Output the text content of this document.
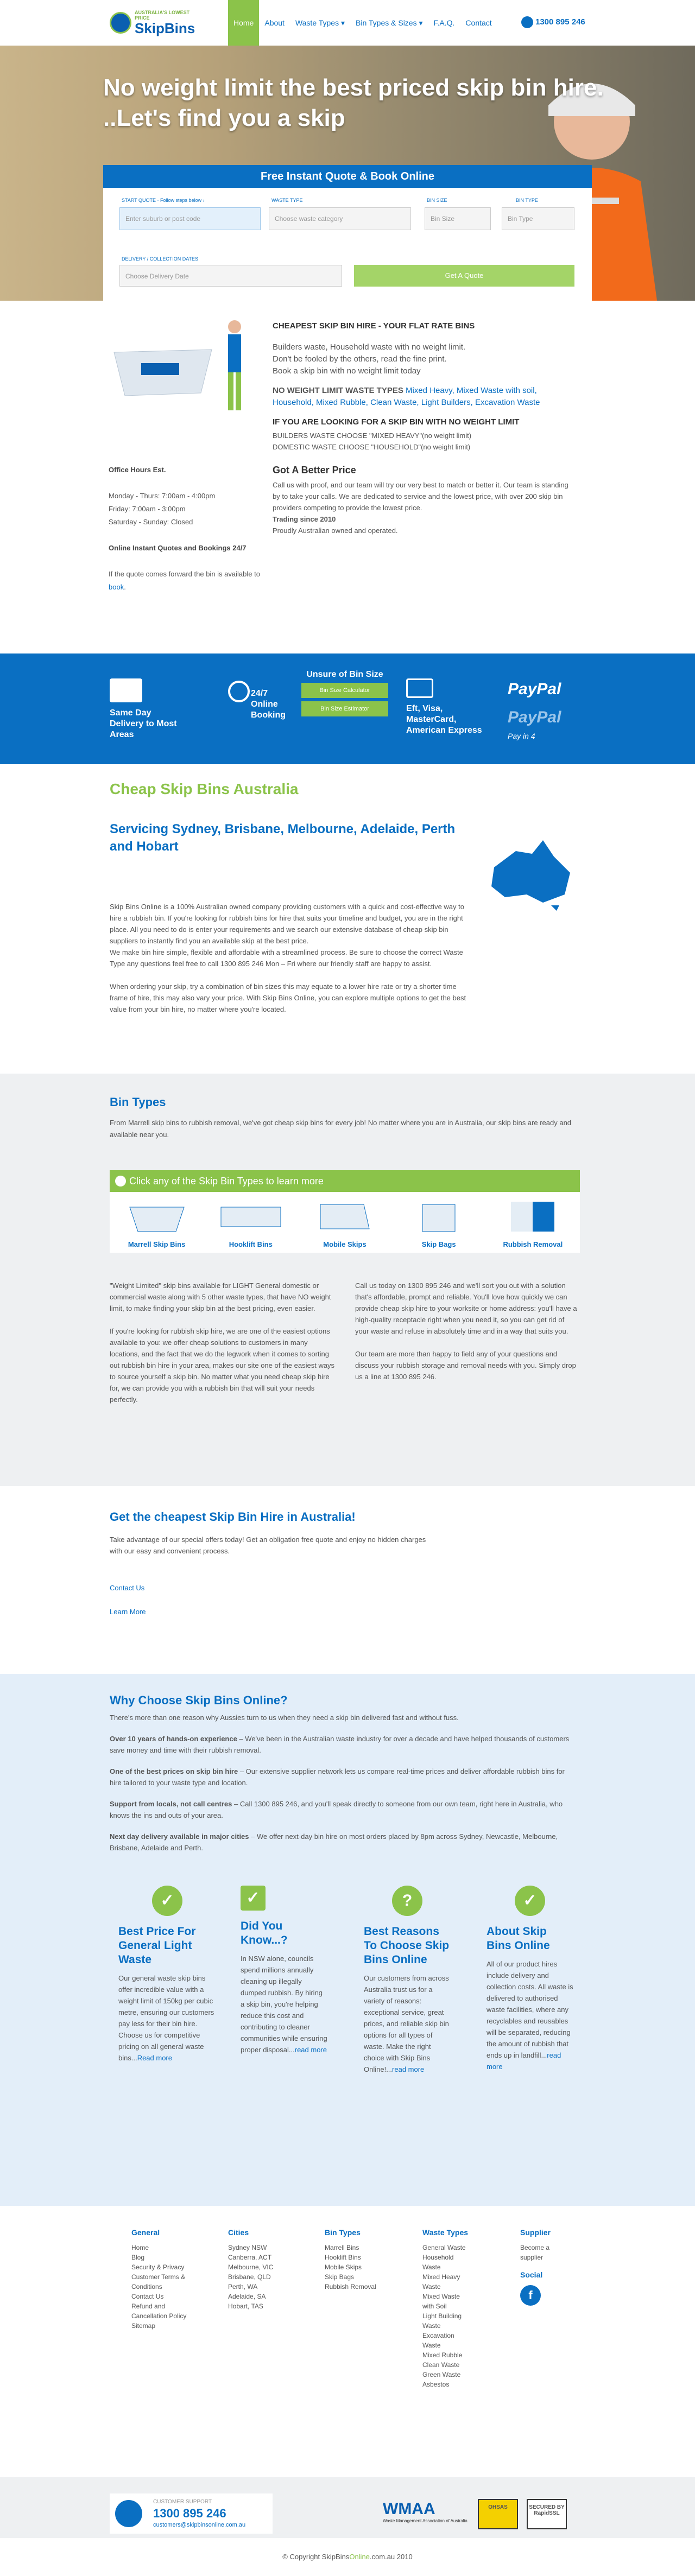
AUSTRALIA'S LOWEST PRICE
SkipBins	Home	About	Waste Types ▾	Bin Types & Sizes ▾	F.A.Q.	Contact	1300 895 246
No weight limit the best priced skip bin hire. ..Let's find you a skip
Free Instant Quote & Book Online
START QUOTE · Follow steps below ›
Enter suburb or post code
WASTE TYPE
Choose waste category
BIN SIZE
Bin Size
BIN TYPE
Bin Type
DELIVERY / COLLECTION DATES
Choose Delivery Date	Get A Quote
Office Hours Est.

Monday - Thurs: 7:00am - 4:00pm
Friday: 7:00am - 3:00pm
Saturday - Sunday: Closed

Online Instant Quotes and Bookings 24/7

If the quote comes forward the bin is available to book.
CHEAPEST SKIP BIN HIRE - YOUR FLAT RATE BINS
Builders waste, Household waste with no weight limit.
Don't be fooled by the others, read the fine print.
Book a skip bin with no weight limit today
NO WEIGHT LIMIT WASTE TYPES Mixed Heavy, Mixed Waste with soil, Household, Mixed Rubble, Clean Waste, Light Builders, Excavation Waste
IF YOU ARE LOOKING FOR A SKIP BIN WITH NO WEIGHT LIMIT

BUILDERS WASTE CHOOSE "MIXED HEAVY"(no weight limit)

DOMESTIC WASTE CHOOSE "HOUSEHOLD"(no weight limit)

Got A Better Price

Call us with proof, and our team will try our very best to match or better it. Our team is standing by to take your calls. We are dedicated to service and the lowest price, with over 200 skip bin providers competing to provide the lowest price.

Trading since 2010

Proudly Australian owned and operated.

Same Day Delivery to Most Areas
24/7 Online Booking
Unsure of Bin Size
Bin Size Calculator
Bin Size Estimator	Eft, Visa, MasterCard, American Express
PayPal
PayPal
Pay in 4
Cheap Skip Bins Australia
Servicing Sydney, Brisbane, Melbourne, Adelaide, Perth and Hobart

Skip Bins Online is a 100% Australian owned company providing customers with a quick and cost-effective way to hire a rubbish bin. If you're looking for rubbish bins for hire that suits your timeline and budget, you are in the right place. All you need to do is enter your requirements and we search our extensive database of cheap skip bin suppliers to instantly find you an available skip at the best price.

We make bin hire simple, flexible and affordable with a streamlined process. Be sure to choose the correct Waste Type any questions feel free to call 1300 895 246 Mon – Fri where our friendly staff are happy to assist.

When ordering your skip, try a combination of bin sizes this may equate to a lower hire rate or try a shorter time frame of hire, this may also vary your price. With Skip Bins Online, you can explore multiple options to get the best value from your bin hire, no matter where you're located.

Bin Types
From Marrell skip bins to rubbish removal, we've got cheap skip bins for every job! No matter where you are in Australia, our skip bins are ready and available near you.
Click any of the Skip Bin Types to learn more
Marrell Skip Bins	Hooklift Bins	Mobile Skips	Skip Bags	Rubbish Removal

"Weight Limited" skip bins available for LIGHT General domestic or commercial waste along with 5 other waste types, that have NO weight limit, to make finding your skip bin at the best pricing, even easier.

If you're looking for rubbish skip hire, we are one of the easiest options available to you: we offer cheap solutions to customers in many locations, and the fact that we do the legwork when it comes to sorting out rubbish bin hire in your area, makes our site one of the easiest ways to source yourself a skip bin. No matter what you need cheap skip hire for, we can provide you with a rubbish bin that will suit your needs perfectly.

Call us today on 1300 895 246 and we'll sort you out with a solution that's affordable, prompt and reliable. You'll love how quickly we can provide cheap skip hire to your worksite or home address: you'll have a high-quality receptacle right when you need it, so you can get rid of your waste and refuse in absolutely time and in a way that suits you.

Our team are more than happy to field any of your questions and discuss your rubbish storage and removal needs with you. Simply drop us a line at 1300 895 246.

Get the cheapest Skip Bin Hire in Australia!

Take advantage of our special offers today! Get an obligation free quote and enjoy no hidden charges with our easy and convenient process.

Contact Us
Learn More
Why Choose Skip Bins Online?

There's more than one reason why Aussies turn to us when they need a skip bin delivered fast and without fuss.

Over 10 years of hands-on experience – We've been in the Australian waste industry for over a decade and have helped thousands of customers save money and time with their rubbish removal.

One of the best prices on skip bin hire – Our extensive supplier network lets us compare real-time prices and deliver affordable rubbish bins for hire tailored to your waste type and location.

Support from locals, not call centres – Call 1300 895 246, and you'll speak directly to someone from our own team, right here in Australia, who knows the ins and outs of your area.

Next day delivery available in major cities – We offer next-day bin hire on most orders placed by 8pm across Sydney, Newcastle, Melbourne, Brisbane, Adelaide and Perth.

✓
Best Price For General Light Waste

Our general waste skip bins offer incredible value with a weight limit of 150kg per cubic metre, ensuring our customers pay less for their bin hire. Choose us for competitive pricing on all general waste bins...Read more

✓
Did You Know...?

In NSW alone, councils spend millions annually cleaning up illegally dumped rubbish. By hiring a skip bin, you're helping reduce this cost and contributing to cleaner communities while ensuring proper disposal...read more

?
Best Reasons To Choose Skip Bins Online

Our customers from across Australia trust us for a variety of reasons: exceptional service, great prices, and reliable skip bin options for all types of waste. Make the right choice with Skip Bins Online!...read more

✓
About Skip Bins Online

All of our product hires include delivery and collection costs. All waste is delivered to authorised waste facilities, where any recyclables and reusables will be separated, reducing the amount of rubbish that ends up in landfill...read more

General
Home
Blog
Security & Privacy
Customer Terms & Conditions
Contact Us
Refund and Cancellation Policy
Sitemap
Cities
Sydney NSW
Canberra, ACT
Melbourne, VIC
Brisbane, QLD
Perth, WA
Adelaide, SA
Hobart, TAS
Bin Types
Marrell Bins
Hooklift Bins
Mobile Skips
Skip Bags
Rubbish Removal
Waste Types
General Waste
Household Waste
Mixed Heavy Waste
Mixed Waste with Soil
Light Building Waste
Excavation Waste
Mixed Rubble
Clean Waste
Green Waste
Asbestos
Supplier
Become a supplier
Social
f
CUSTOMER SUPPORT
1300 895 246
customers@skipbinsonline.com.au
WMAA
Waste Management Association of Australia
OHSAS	SECURED BY RapidSSL
© Copyright SkipBinsOnline.com.au 2010
